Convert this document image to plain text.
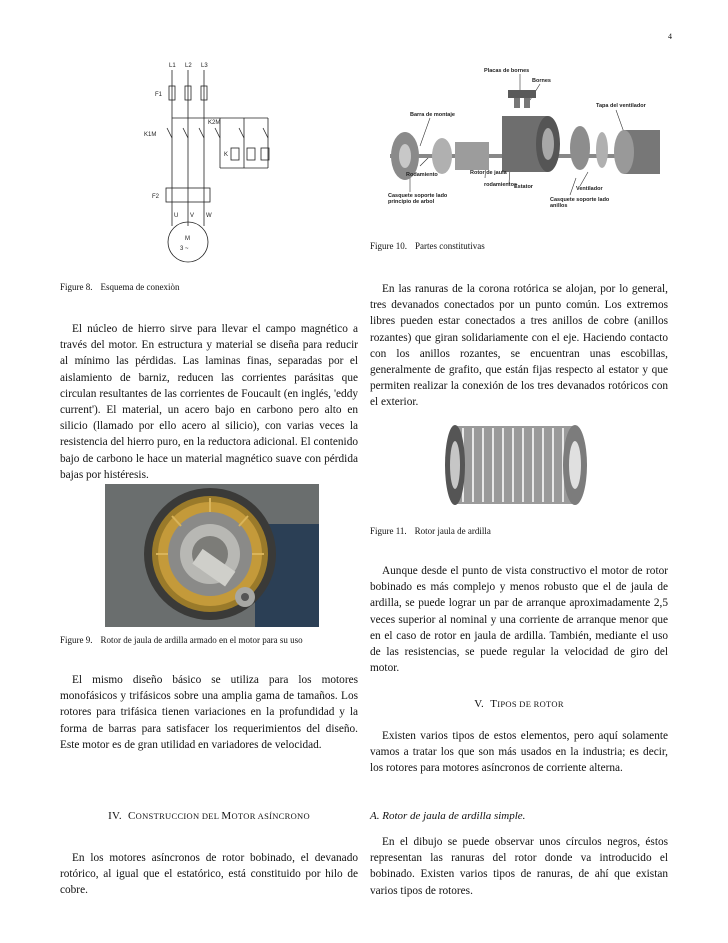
4
L1 L2 L3
F1
K1M
K2M
K
F2
U V W
M
3 ~
Figure 8. Esquema de conexiòn
El núcleo de hierro sirve para llevar el campo magnético a través del motor. En estructura y material se diseña para reducir al mínimo las pérdidas. Las laminas finas, separadas por el aislamiento de barniz, reducen las corrientes parásitas que circulan resultantes de las corrientes de Foucault (en inglés, 'eddy current'). El material, un acero bajo en carbono pero alto en silicio (llamado por ello acero al silicio), con varias veces la resistencia del hierro puro, en la reductora adicional. El contenido bajo de carbono le hace un material magnético suave con pérdida bajas por histéresis.
Figure 9. Rotor de jaula de ardilla armado en el motor para su uso
El mismo diseño básico se utiliza para los motores monofásicos y trifásicos sobre una amplia gama de tamaños. Los rotores para trifásica tienen variaciones en la profundidad y la forma de barras para satisfacer los requerimientos del diseño. Este motor es de gran utilidad en variadores de velocidad.
IV. CONSTRUCCION DEL MOTOR ASÍNCRONO
En los motores asíncronos de rotor bobinado, el devanado rotórico, al igual que el estatórico, está constituido por hilo de cobre.
Placas de bornes
Bornes
Barra de montaje
Tapa del ventilador
Rodamiento	Rotor de jaula
rodamientos
Estator	Ventilador
Casquete soporte lado principio de arbol	Casquete soporte lado anillos
Figure 10. Partes constitutivas
En las ranuras de la corona rotórica se alojan, por lo general, tres devanados conectados por un punto común. Los extremos libres pueden estar conectados a tres anillos de cobre (anillos rozantes) que giran solidariamente con el eje. Haciendo contacto con los anillos rozantes, se encuentran unas escobillas, generalmente de grafito, que están fijas respecto al estator y que permiten realizar la conexión de los tres devanados rotóricos con el exterior.
Figure 11. Rotor jaula de ardilla
Aunque desde el punto de vista constructivo el motor de rotor bobinado es más complejo y menos robusto que el de jaula de ardilla, se puede lograr un par de arranque aproximadamente 2,5 veces superior al nominal y una corriente de arranque menor que en el caso de rotor en jaula de ardilla. También, mediante el uso de las resistencias, se puede regular la velocidad de giro del motor.
V. TIPOS DE ROTOR
Existen varios tipos de estos elementos, pero aquí solamente vamos a tratar los que son más usados en la industria; es decir, los rotores para motores asíncronos de corriente alterna.
A. Rotor de jaula de ardilla simple.
En el dibujo se puede observar unos círculos negros, éstos representan las ranuras del rotor donde va introducido el bobinado. Existen varios tipos de ranuras, de ahí que existan varios tipos de rotores.
